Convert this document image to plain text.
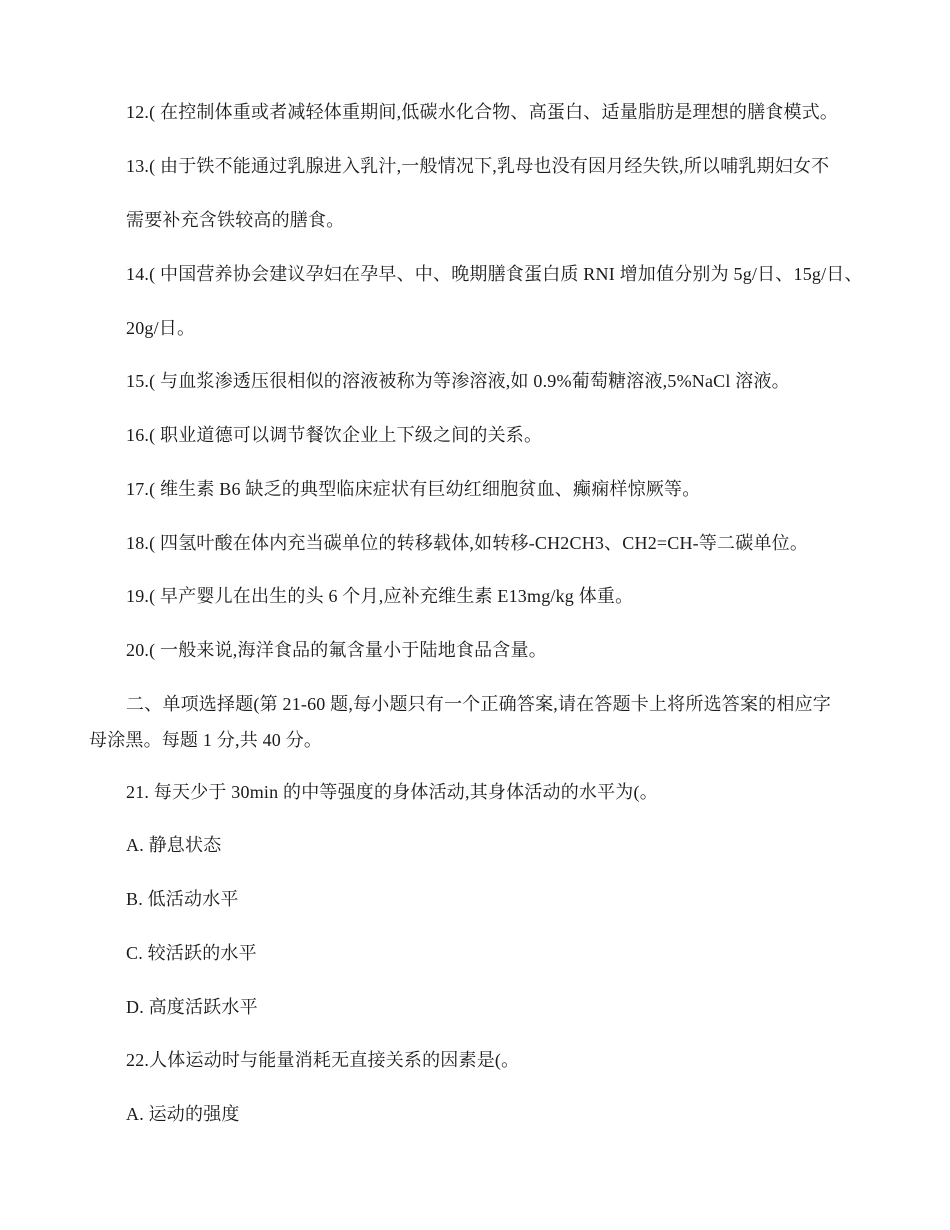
12.( 在控制体重或者减轻体重期间,低碳水化合物、高蛋白、适量脂肪是理想的膳食模式。
13.( 由于铁不能通过乳腺进入乳汁,一般情况下,乳母也没有因月经失铁,所以哺乳期妇女不
需要补充含铁较高的膳食。
14.( 中国营养协会建议孕妇在孕早、中、晚期膳食蛋白质 RNI 增加值分别为 5g/日、15g/日、
20g/日。
15.( 与血浆渗透压很相似的溶液被称为等渗溶液,如 0.9%葡萄糖溶液,5%NaCl 溶液。
16.( 职业道德可以调节餐饮企业上下级之间的关系。
17.( 维生素 B6 缺乏的典型临床症状有巨幼红细胞贫血、癫痫样惊厥等。
18.( 四氢叶酸在体内充当碳单位的转移载体,如转移-CH2CH3、CH2=CH-等二碳单位。
19.( 早产婴儿在出生的头 6 个月,应补充维生素 E13mg/kg 体重。
20.( 一般来说,海洋食品的氟含量小于陆地食品含量。
二、单项选择题(第 21-60 题,每小题只有一个正确答案,请在答题卡上将所选答案的相应字
母涂黑。每题 1 分,共 40 分。
21. 每天少于 30min 的中等强度的身体活动,其身体活动的水平为(。
A. 静息状态
B. 低活动水平
C. 较活跃的水平
D. 高度活跃水平
22.人体运动时与能量消耗无直接关系的因素是(。
A. 运动的强度
